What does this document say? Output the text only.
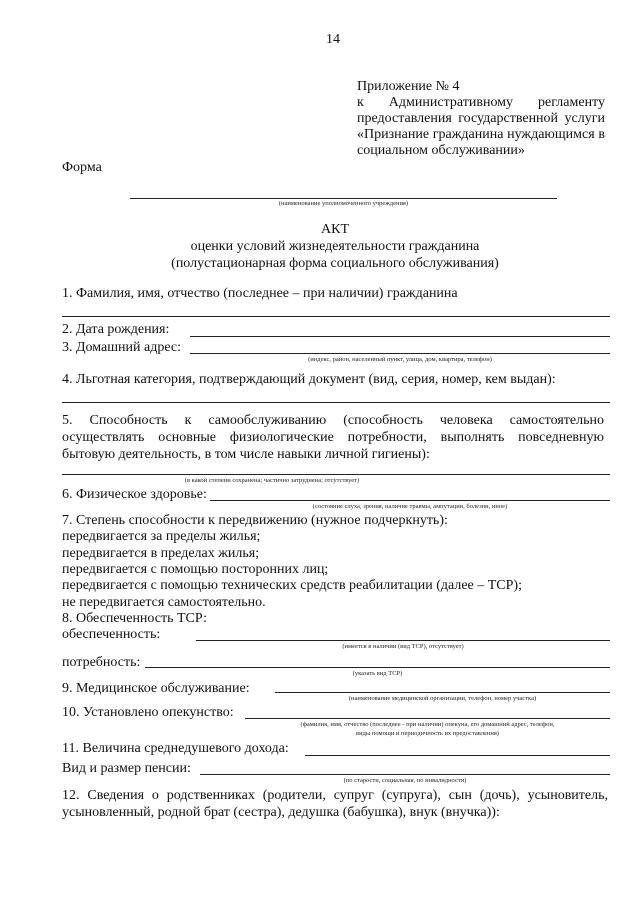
14
Приложение № 4
к Административному регламенту
предоставления государственной услуги
«Признание гражданина нуждающимся в
социальном обслуживании»
Форма
(наименование уполномоченного учреждения)
АКТ
оценки условий жизнедеятельности гражданина
(полустационарная форма социального обслуживания)
1. Фамилия, имя, отчество (последнее – при наличии) гражданина
2. Дата рождения:
3. Домашний адрес:
(индекс, район, населенный пункт, улица, дом, квартира, телефон)
4. Льготная категория, подтверждающий документ (вид, серия, номер, кем выдан):
5. Способность к самообслуживанию (способность человека самостоятельно
осуществлять основные физиологические потребности, выполнять повседневную
бытовую деятельность, в том числе навыки личной гигиены):
(в какой степени сохранена; частично затруднена; отсутствует)
6. Физическое здоровье:
(состояние слуха, зрения, наличие травмы, ампутации, болезни, иное)
7. Степень способности к передвижению (нужное подчеркнуть):
передвигается за пределы жилья;
передвигается в пределах жилья;
передвигается с помощью посторонних лиц;
передвигается с помощью технических средств реабилитации (далее – ТСР);
не передвигается самостоятельно.
8. Обеспеченность ТСР:
обеспеченность:
(имеется в наличии (вид ТСР), отсутствует)
потребность:
(указать вид ТСР)
9. Медицинское обслуживание:
(наименование медицинской организации, телефон, номер участка)
10. Установлено опекунство:
(фамилия, имя, отчество (последнее - при наличии) опекуна, его домашний адрес, телефон,
виды помощи и периодичность их предоставления)
11. Величина среднедушевого дохода:
Вид и размер пенсии:
(по старости, социальная, по инвалидности)
12. Сведения о родственниках (родители, супруг (супруга), сын (дочь), усыновитель,
усыновленный, родной брат (сестра), дедушка (бабушка), внук (внучка)):
